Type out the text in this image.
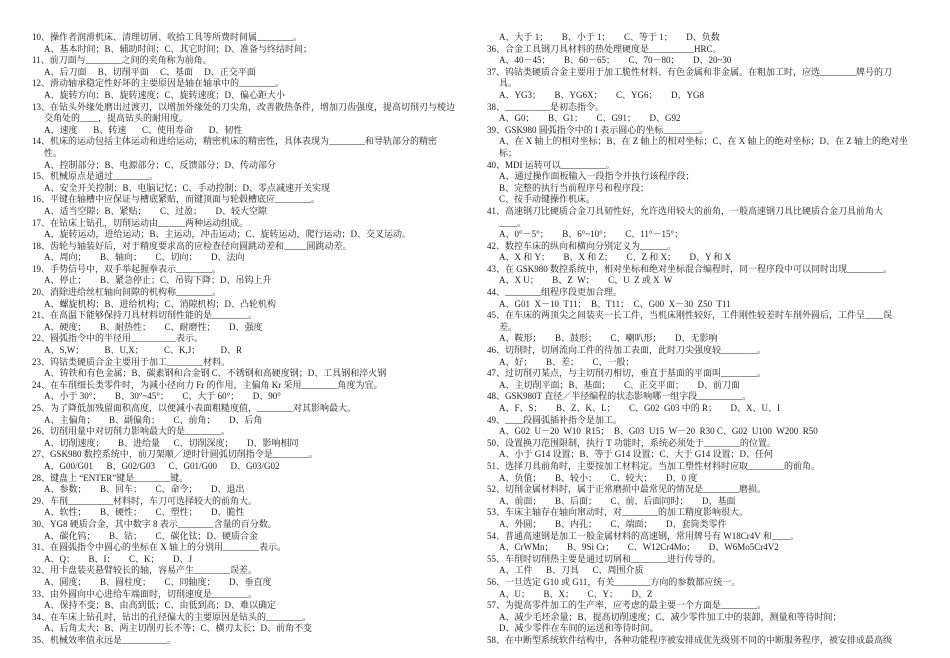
10、操作者润滑机床、清理切屑、收拾工具等所费时间属________。
A、基本时间；B、辅助时间；C、其它时间；D、准备与终结时间；
11、前刀面与________之间的夹角称为前角。
A、后刀面     B、切削平面     C、基面     D、正交平面
12、滑动轴承稳定性好坏的主要原因是轴在轴承中的________。
A、旋转方向；B、旋转速度；C、旋转速度；D、偏心距大小
13、在钻头外缘处磨出过渡刃，以增加外缘处的刀尖角，改善散热条件，增加刀齿强度，提高切削刃与棱边
交角处的____，提高钻头的耐用度。
A、速度       B、转速       C、使用寿命       D、韧性
14、机床的运动包括主体运动和进给运动，精密机床的精密性，具体表现为________和导轨部分的精密
性。
A、控制部分；B、电源部分；C、反馈部分；D、传动部分
15、机械原点是通过________。
A、安全开关控制；B、电脑记忆；C、手动控制；D、零点减速开关实现
16、平键在轴槽中应保证与槽底紧贴，而键顶面与轮毂槽底应________。
A、适当空隙；B、紧贴；      C、过盈；      D、较大空隙
17、在钻床上钻孔，切削运动由______两种运动组成。
A、旋转运动，进给运动；B、主运动，冲击运动；C、旋转运动，爬行运动；D、交叉运动。
18、齿轮与轴装好后，对于精度要求高的应检查径向圆跳动差和_____圆跳动差。
A、周向；      B、轴向；      C、切向；      D、法向
19、手势信号中，双手举起握拳表示________。
A、停止；      B、紧急停止；C、吊钩下降；D、吊钩上升
20、消除进给丝杠轴向间隙的机构称________。
A、螺旋机构；B、进给机构；C、消隙机构；D、凸轮机构
21、在高温下能够保持刀具材料切削性能的是________。
A、硬度；      B、耐热性；      C、耐磨性；      D、强度
22、圆弧指令中的半径用__________表示。
A、S,W；         B、U,X；         C、K,J；         D、R
23、钨钴类硬质合金主要用于加工________材料。
A、铸铁和有色金属；B、碳素钢和合金钢 C、不锈钢和高硬度钢；D、工具钢和淬火钢
24、在车削细长类零件时，为减小径向力 Fr 的作用，主偏角 Kr 采用________角度为宜。
A、小于 30°；      B、30°~45°；      C、大于 60°；      D、90°
25、为了降低加残留面积高度，以便减小表面粗糙度值，________对其影响最大。
A、主偏角；      B、副偏角；      C、前角；      D、后角
26、切削用量中对切削力影响最大的是________。
A、切削速度；      B、进给量      C、切削深度；      D、影响相同
27、GSK980 数控系统中，前刀架顺／逆时针圆弧切削指令是________。
A、G00/G01      B、G02/G03      C、G01/G00      D、G03/G02
28、键盘上 “ENTER”键是________键。
A、参数；      B、回车；      C、命令；      D、退出
29、车削__________材料时，车刀可选择较大的前角大。
A、软性；      B、硬性；      C、塑性；      D、脆性
30、YG8 硬质合金，其中数字 8 表示________含量的百分数。
A、碳化钨；      B、钴；      C、碳化钛；D、硬质合金
31、在圆弧指令中圆心的坐标在 X 轴上的分别用________表示。
A、Q；      B、I；      C、K；      D、J
32、用卡盘装夹悬臂较长的轴，容易产生________误差。
A、圆度；      B、圆柱度；      C、同轴度；      D、垂直度
33、由外圆向中心进给车端面时，切削速度是________。
A、保持不变；B、由高到低；C、由低到高；D、难以确定
34、在车床上钻孔时，钻出的孔径偏大的主要原因是钻头的________。
A、后角太大；B、两主切削刃长不等；C、横刃太长；D、前角不变
35、机械效率值永远是__________。
A、大于 1；      B、小于 1；      C、等于 1；      D、负数
36、合金工具钢刀具材料的热处理硬度是__________HRC。
A、40－45；      B、60－65；      C、70－80；      D、20~30
37、钨钴类硬质合金主要用于加工脆性材料、有色金属和非金属。在粗加工时，应选________牌号的刀
具。
A、YG3；      B、YG6X；      C、YG6；      D、YG8
38、__________是初态指令。
A、G0；      B、G1；      C、G91；      D、G92
39、GSK980 圆弧指令中的 I 表示圆心的坐标________。
A、在 X 轴上的相对坐标；B、在 Z 轴上的相对坐标；C、在 X 轴上的绝对坐标；D、在 Z 轴上的绝对坐
标；
40、MDI 运转可以__________。
A、通过操作面板输入一段指令并执行该程序段；
B、完整的执行当前程序号和程序段；
C、按手动键操作机床。
41、高速钢刀比硬质合金刀具韧性好，允许选用较大的前角，一般高速钢刀具比硬质合金刀具前角大
____。
A、0°－5°；      B、6°~10°；      C、11°－15°；
42、数控车床的纵向和横向分别定义为______。
A、X 和 Y；      B、X 和 Z；      C、Z 和 X；      D、Y 和 X
43、在 GSK980 数控系统中，相对坐标和绝对坐标混合编程时，同一程序段中可以同时出现________。
A、X U；      B、Z  W；      C、U  Z 或 X  W
44、________组程序段更加合理。
A、G01  X－10  T11；  B、T11；  C、G00  X－30  Z50  T11
45、在车床的两顶尖之间装夹一长工件，当机床刚性较好，工件刚性较差时车削外圆后，工件呈____误
差。
A、鞍形；      B、鼓形；      C、喇叭形；      D、无影响
46、切削时，切屑流向工件的待加工表面，此时刀尖强度较________。
A、好；      B、差；      C、一般；
47、过切削刃某点，与主切削刃相切，垂直于基面的平面叫________。
A、主切削平面；B、基面；      C、正交平面；      D、前刀面
48、GSK980T 直径／半径编程的状态影响哪一组字段__________。
A、F、S；      B、Z、K、L；      C、G02  G03 中的 R；      D、X、U、I
49、____段圆弧插补指令是加工。
A、G02  U－20  W10  R15；  B、G03  U15  W－20  R30 C、G02  U100  W200  R50
50、设置换刀范围限制，执行 T 功能时，系统必须处于________的位置。
A、小于 G14 设置；B、等于 G14 设置；C、大于 G14 设置；D、任何
51、选择刀具前角时，主要按加工材料定。当加工塑性材料时应取________的前角。
A、负值；      B、较小；      C、较大；      D、0 度
52、切削金属材料时，属于正常磨损中最常见的情况是________磨损。
A、前面；      B、后面；      C、前、后面同时；      D、基面
53、车床主轴存在轴向窜动时，对________的加工精度影响很大。
A、外圆；      B、内孔；      C、端面；      D、套筒类零件
54、普通高速钢是加工一般金属材料的高速钢，常用牌号有 W18Cr4V 和____。
A、CrWMn；      B、9Si Cr；      C、W12Cr4Mo；      D、W6Mo5Cr4V2
55、车削时切削热主要是通过切屑和________进行传导的。
A、工件      B、刀具      C、周围介质
56、一旦选定 G10 或 G11，有关________方向的参数都应统一。
A、U；      B、X；      C、Y；      D、Z
57、为提高零件加工的生产率，应考虑的最主要一个方面是________。
A、减少毛坯余量；B、提高切削速度；C、减少零件加工中的装卸，测量和等待时间；
D、减少零件在车间的运送和等待时间。
58、在中断型系统软件结构中，各种功能程序被安排成优先级别不同的中断服务程序，被安排成最高级
